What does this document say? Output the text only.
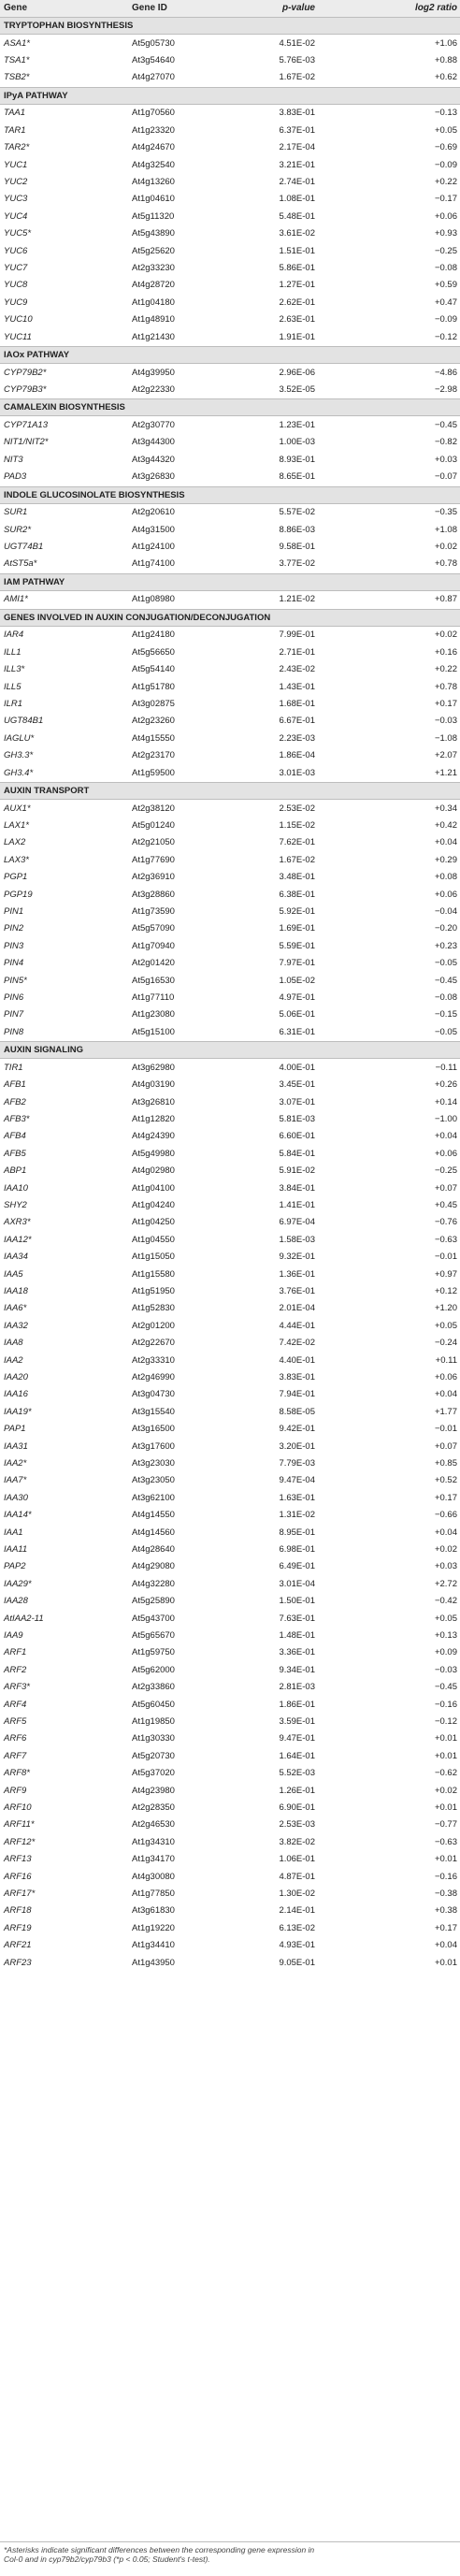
Gene	Gene ID	p-value	log2 ratio
TRYPTOPHAN BIOSYNTHESIS
ASA1*	At5g05730	4.51E-02	+1.06
TSA1*	At3g54640	5.76E-03	+0.88
TSB2*	At4g27070	1.67E-02	+0.62
IPyA PATHWAY
TAA1	At1g70560	3.83E-01	−0.13
TAR1	At1g23320	6.37E-01	+0.05
TAR2*	At4g24670	2.17E-04	−0.69
YUC1	At4g32540	3.21E-01	−0.09
YUC2	At4g13260	2.74E-01	+0.22
YUC3	At1g04610	1.08E-01	−0.17
YUC4	At5g11320	5.48E-01	+0.06
YUC5*	At5g43890	3.61E-02	+0.93
YUC6	At5g25620	1.51E-01	−0.25
YUC7	At2g33230	5.86E-01	−0.08
YUC8	At4g28720	1.27E-01	+0.59
YUC9	At1g04180	2.62E-01	+0.47
YUC10	At1g48910	2.63E-01	−0.09
YUC11	At1g21430	1.91E-01	−0.12
IAOx PATHWAY
CYP79B2*	At4g39950	2.96E-06	−4.86
CYP79B3*	At2g22330	3.52E-05	−2.98
CAMALEXIN BIOSYNTHESIS
CYP71A13	At2g30770	1.23E-01	−0.45
NIT1/NIT2*	At3g44300	1.00E-03	−0.82
NIT3	At3g44320	8.93E-01	+0.03
PAD3	At3g26830	8.65E-01	−0.07
INDOLE GLUCOSINOLATE BIOSYNTHESIS
SUR1	At2g20610	5.57E-02	−0.35
SUR2*	At4g31500	8.86E-03	+1.08
UGT74B1	At1g24100	9.58E-01	+0.02
AtST5a*	At1g74100	3.77E-02	+0.78
IAM PATHWAY
AMI1*	At1g08980	1.21E-02	+0.87
GENES INVOLVED IN AUXIN CONJUGATION/DECONJUGATION
IAR4	At1g24180	7.99E-01	+0.02
ILL1	At5g56650	2.71E-01	+0.16
ILL3*	At5g54140	2.43E-02	+0.22
ILL5	At1g51780	1.43E-01	+0.78
ILR1	At3g02875	1.68E-01	+0.17
UGT84B1	At2g23260	6.67E-01	−0.03
IAGLU*	At4g15550	2.23E-03	−1.08
GH3.3*	At2g23170	1.86E-04	+2.07
GH3.4*	At1g59500	3.01E-03	+1.21
AUXIN TRANSPORT
AUX1*	At2g38120	2.53E-02	+0.34
LAX1*	At5g01240	1.15E-02	+0.42
LAX2	At2g21050	7.62E-01	+0.04
LAX3*	At1g77690	1.67E-02	+0.29
PGP1	At2g36910	3.48E-01	+0.08
PGP19	At3g28860	6.38E-01	+0.06
PIN1	At1g73590	5.92E-01	−0.04
PIN2	At5g57090	1.69E-01	−0.20
PIN3	At1g70940	5.59E-01	+0.23
PIN4	At2g01420	7.97E-01	−0.05
PIN5*	At5g16530	1.05E-02	−0.45
PIN6	At1g77110	4.97E-01	−0.08
PIN7	At1g23080	5.06E-01	−0.15
PIN8	At5g15100	6.31E-01	−0.05
AUXIN SIGNALING
TIR1	At3g62980	4.00E-01	−0.11
AFB1	At4g03190	3.45E-01	+0.26
AFB2	At3g26810	3.07E-01	+0.14
AFB3*	At1g12820	5.81E-03	−1.00
AFB4	At4g24390	6.60E-01	+0.04
AFB5	At5g49980	5.84E-01	+0.06
ABP1	At4g02980	5.91E-02	−0.25
IAA10	At1g04100	3.84E-01	+0.07
SHY2	At1g04240	1.41E-01	+0.45
AXR3*	At1g04250	6.97E-04	−0.76
IAA12*	At1g04550	1.58E-03	−0.63
IAA34	At1g15050	9.32E-01	−0.01
IAA5	At1g15580	1.36E-01	+0.97
IAA18	At1g51950	3.76E-01	+0.12
IAA6*	At1g52830	2.01E-04	+1.20
IAA32	At2g01200	4.44E-01	+0.05
IAA8	At2g22670	7.42E-02	−0.24
IAA2	At2g33310	4.40E-01	+0.11
IAA20	At2g46990	3.83E-01	+0.06
IAA16	At3g04730	7.94E-01	+0.04
IAA19*	At3g15540	8.58E-05	+1.77
PAP1	At3g16500	9.42E-01	−0.01
IAA31	At3g17600	3.20E-01	+0.07
IAA2*	At3g23030	7.79E-03	+0.85
IAA7*	At3g23050	9.47E-04	+0.52
IAA30	At3g62100	1.63E-01	+0.17
IAA14*	At4g14550	1.31E-02	−0.66
IAA1	At4g14560	8.95E-01	+0.04
IAA11	At4g28640	6.98E-01	+0.02
PAP2	At4g29080	6.49E-01	+0.03
IAA29*	At4g32280	3.01E-04	+2.72
IAA28	At5g25890	1.50E-01	−0.42
AtIAA2-11	At5g43700	7.63E-01	+0.05
IAA9	At5g65670	1.48E-01	+0.13
ARF1	At1g59750	3.36E-01	+0.09
ARF2	At5g62000	9.34E-01	−0.03
ARF3*	At2g33860	2.81E-03	−0.45
ARF4	At5g60450	1.86E-01	−0.16
ARF5	At1g19850	3.59E-01	−0.12
ARF6	At1g30330	9.47E-01	+0.01
ARF7	At5g20730	1.64E-01	+0.01
ARF8*	At5g37020	5.52E-03	−0.62
ARF9	At4g23980	1.26E-01	+0.02
ARF10	At2g28350	6.90E-01	+0.01
ARF11*	At2g46530	2.53E-03	−0.77
ARF12*	At1g34310	3.82E-02	−0.63
ARF13	At1g34170	1.06E-01	+0.01
ARF16	At4g30080	4.87E-01	−0.16
ARF17*	At1g77850	1.30E-02	−0.38
ARF18	At3g61830	2.14E-01	+0.38
ARF19	At1g19220	6.13E-02	+0.17
ARF21	At1g34410	4.93E-01	+0.04
ARF23	At1g43950	9.05E-01	+0.01
*Asterisks indicate significant differences between the corresponding gene expression in
Col-0 and in cyp79b2/cyp79b3 (*p < 0.05; Student's t-test).
